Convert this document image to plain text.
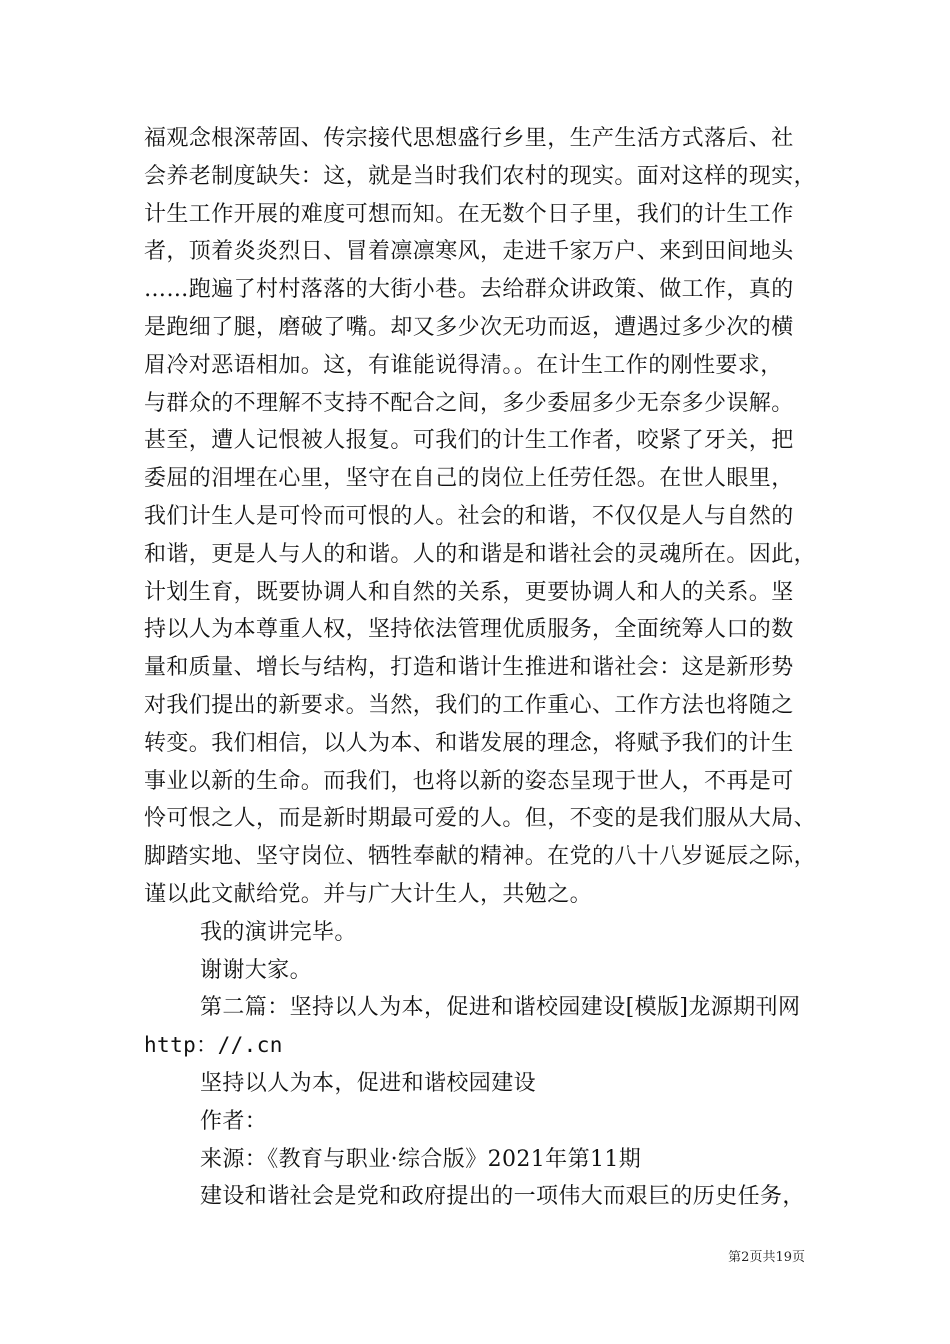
福观念根深蒂固、传宗接代思想盛行乡里，生产生活方式落后、社
会养老制度缺失：这，就是当时我们农村的现实。面对这样的现实，
计生工作开展的难度可想而知。在无数个日子里，我们的计生工作
者，顶着炎炎烈日、冒着凛凛寒风，走进千家万户、来到田间地头
……跑遍了村村落落的大街小巷。去给群众讲政策、做工作，真的
是跑细了腿，磨破了嘴。却又多少次无功而返，遭遇过多少次的横
眉冷对恶语相加。这，有谁能说得清。。在计生工作的刚性要求，
与群众的不理解不支持不配合之间，多少委屈多少无奈多少误解。
甚至，遭人记恨被人报复。可我们的计生工作者，咬紧了牙关，把
委屈的泪埋在心里，坚守在自己的岗位上任劳任怨。在世人眼里，
我们计生人是可怜而可恨的人。社会的和谐，不仅仅是人与自然的
和谐，更是人与人的和谐。人的和谐是和谐社会的灵魂所在。因此，
计划生育，既要协调人和自然的关系，更要协调人和人的关系。坚
持以人为本尊重人权，坚持依法管理优质服务，全面统筹人口的数
量和质量、增长与结构，打造和谐计生推进和谐社会：这是新形势
对我们提出的新要求。当然，我们的工作重心、工作方法也将随之
转变。我们相信，以人为本、和谐发展的理念，将赋予我们的计生
事业以新的生命。而我们，也将以新的姿态呈现于世人，不再是可
怜可恨之人，而是新时期最可爱的人。但，不变的是我们服从大局、
脚踏实地、坚守岗位、牺牲奉献的精神。在党的八十八岁诞辰之际，
谨以此文献给党。并与广大计生人，共勉之。
我的演讲完毕。
谢谢大家。
第二篇：坚持以人为本，促进和谐校园建设[模版]龙源期刊网
http：//.cn
坚持以人为本，促进和谐校园建设
作者：
来源：《教育与职业·综合版》2021年第11期
建设和谐社会是党和政府提出的一项伟大而艰巨的历史任务，
第2页共19页
